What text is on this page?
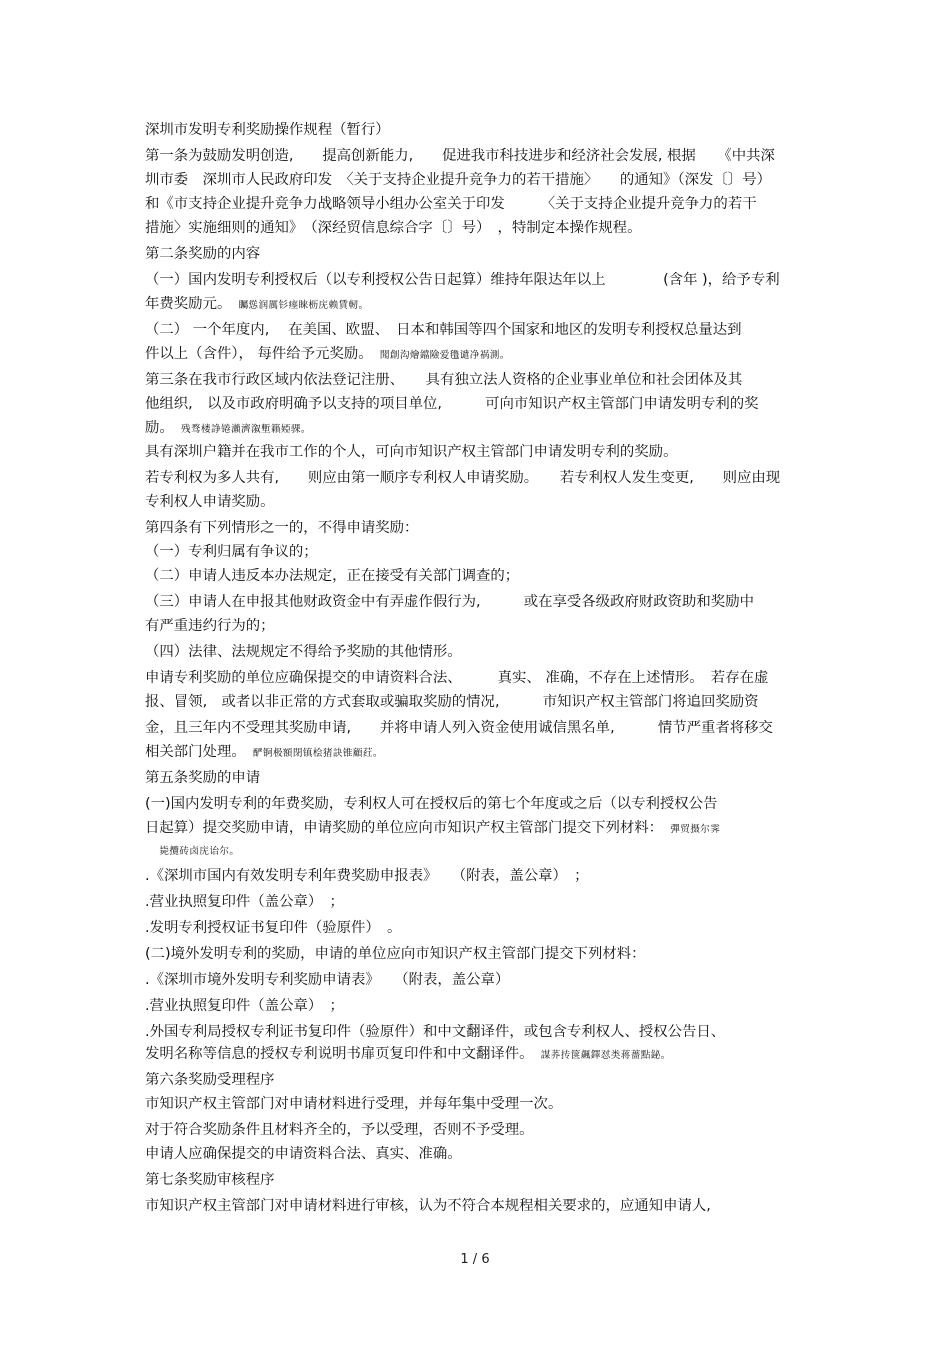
深圳市发明专利奖励操作规程（暂行）
第一条为鼓励发明创造,　　提高创新能力,　　促进我市科技进步和经济社会发展, 根据　　《中共深
圳市委　深圳市人民政府印发　〈关于支持企业提升竞争力的若干措施〉　　的通知》（深发〔〕号）
和《市支持企业提升竞争力战略领导小组办公室关于印发　　　〈关于支持企业提升竞争力的若干
措施〉实施细则的通知》　（深经贸信息综合字〔〕号）　，特制定本操作规程。
第二条奖励的内容
（一）国内发明专利授权后（以专利授权公告日起算）维持年限达年以上　　　　(含年 )，给予专利
年费奖励元。　 矚慫润厲钐瘗睞枥庑赖賃軔。
（二） 一个年度内,　 在美国、欧盟、　日本和韩国等四个国家和地区的发明专利授权总量达到
件以上（含件）， 每件给予元奖励。　 聞創沟燴鐺險爱氇谴净祸測。
第三条在我市行政区域内依法登记注册、　　具有独立法人资格的企业事业单位和社会团体及其
他组织,　以及市政府明确予以支持的项目单位,　　　可向市知识产权主管部门申请发明专利的奖
励。　 残骛楼諍锩瀨濟溆塹籟婭骒。
具有深圳户籍并在我市工作的个人，可向市知识产权主管部门申请发明专利的奖励。
若专利权为多人共有,　　则应由第一顺序专利权人申请奖励。　　若专利权人发生变更,　　则应由现
专利权人申请奖励。
第四条有下列情形之一的，不得申请奖励：
（一）专利归属有争议的；
（二）申请人违反本办法规定，正在接受有关部门调查的；
（三）申请人在申报其他财政资金中有弄虚作假行为,　　　或在享受各级政府财政资助和奖励中
有严重违约行为的；
（四）法律、法规规定不得给予奖励的其他情形。
申请专利奖励的单位应确保提交的申请资料合法、　　　真实、 准确，不存在上述情形。　若存在虚
报、冒领,　或者以非正常的方式套取或骗取奖励的情况,　　　市知识产权主管部门将追回奖励资
金，且三年内不受理其奖励申请,　　并将申请人列入资金使用诚信黑名单,　　　情节严重者将移交
相关部门处理。　 酽锕极額閉镇桧猪訣锥顧荭。
第五条奖励的申请
(一)国内发明专利的年费奖励，专利权人可在授权后的第七个年度或之后（以专利授权公告
日起算）提交奖励申请，申请奖励的单位应向市知识产权主管部门提交下列材料：　 彈贸摄尔霁
　毙攬砖卤庑诒尔。
.《深圳市国内有效发明专利年费奖励申报表》　　（附表，盖公章）　；
.营业执照复印件（盖公章）　；
.发明专利授权证书复印件（验原件）　。
(二)境外发明专利的奖励，申请的单位应向市知识产权主管部门提交下列材料：
.《深圳市境外发明专利奖励申请表》　　（附表，盖公章）
.营业执照复印件（盖公章）　；
.外国专利局授权专利证书复印件（验原件）和中文翻译件，或包含专利权人、授权公告日、
发明名称等信息的授权专利说明书扉页复印件和中文翻译件。　 謀荞抟箧飆鐸怼类蒋薔點鉍。
第六条奖励受理程序
市知识产权主管部门对申请材料进行受理，并每年集中受理一次。
对于符合奖励条件且材料齐全的，予以受理，否则不予受理。
申请人应确保提交的申请资料合法、真实、准确。
第七条奖励审核程序
市知识产权主管部门对申请材料进行审核，认为不符合本规程相关要求的，应通知申请人,
1 / 6
